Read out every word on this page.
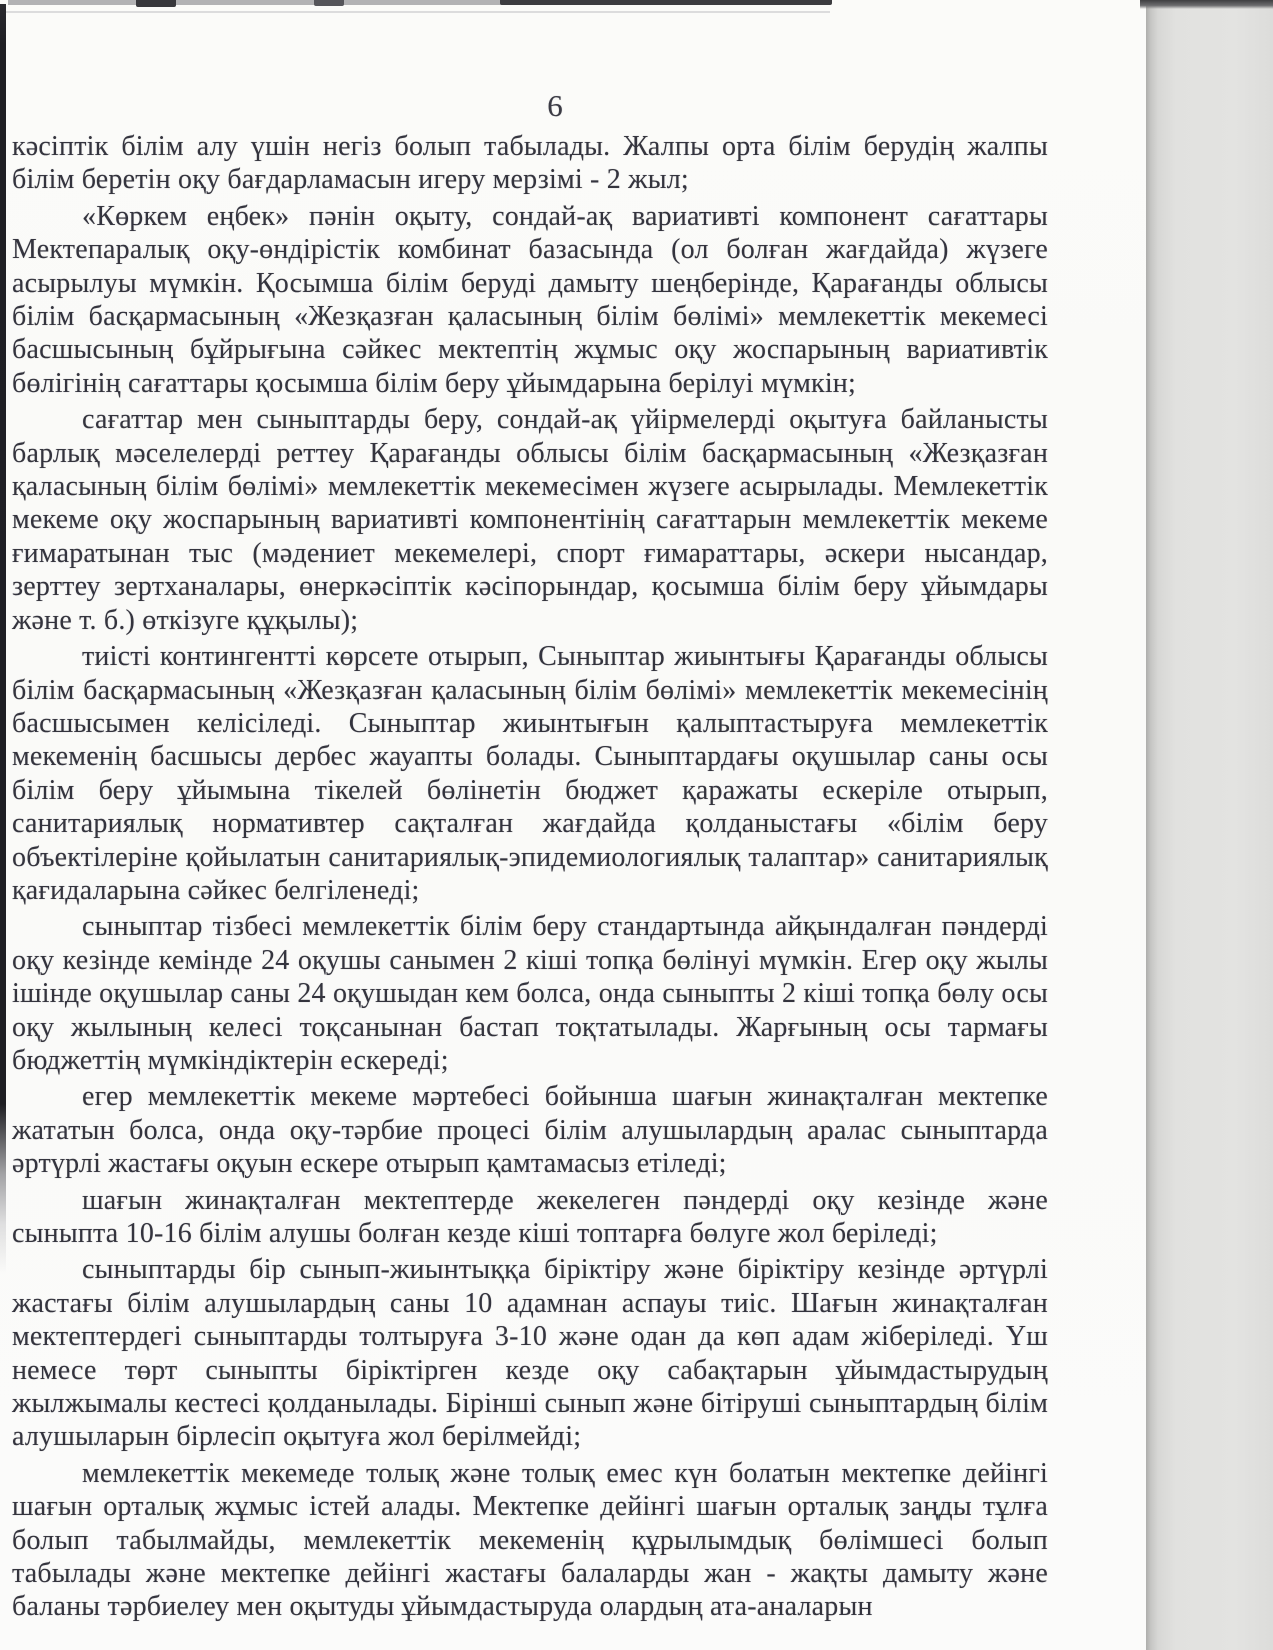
6

кәсіптік білім алу үшін негіз болып табылады. Жалпы орта білім берудің жалпы білім беретін оқу бағдарламасын игеру мерзімі - 2 жыл;

«Көркем еңбек» пәнін оқыту, сондай-ақ вариативті компонент сағаттары Мектепаралық оқу-өндірістік комбинат базасында (ол болған жағдайда) жүзеге асырылуы мүмкін. Қосымша білім беруді дамыту шеңберінде, Қарағанды облысы білім басқармасының «Жезқазған қаласының білім бөлімі» мемлекеттік мекемесі басшысының бұйрығына сәйкес мектептің жұмыс оқу жоспарының вариативтік бөлігінің сағаттары қосымша білім беру ұйымдарына берілуі мүмкін;

сағаттар мен сыныптарды беру, сондай-ақ үйірмелерді оқытуға байланысты барлық мәселелерді реттеу Қарағанды облысы білім басқармасының «Жезқазған қаласының білім бөлімі» мемлекеттік мекемесімен жүзеге асырылады. Мемлекеттік мекеме оқу жоспарының вариативті компонентінің сағаттарын мемлекеттік мекеме ғимаратынан тыс (мәдениет мекемелері, спорт ғимараттары, әскери нысандар, зерттеу зертханалары, өнеркәсіптік кәсіпорындар, қосымша білім беру ұйымдары және т. б.) өткізуге құқылы);

тиісті контингентті көрсете отырып, Сыныптар жиынтығы Қарағанды облысы білім басқармасының «Жезқазған қаласының білім бөлімі» мемлекеттік мекемесінің басшысымен келісіледі. Сыныптар жиынтығын қалыптастыруға мемлекеттік мекеменің басшысы дербес жауапты болады. Сыныптардағы оқушылар саны осы білім беру ұйымына тікелей бөлінетін бюджет қаражаты ескеріле отырып, санитариялық нормативтер сақталған жағдайда қолданыстағы «білім беру объектілеріне қойылатын санитариялық-эпидемиологиялық талаптар» санитариялық қағидаларына сәйкес белгіленеді;

сыныптар тізбесі мемлекеттік білім беру стандартында айқындалған пәндерді оқу кезінде кемінде 24 оқушы санымен 2 кіші топқа бөлінуі мүмкін. Егер оқу жылы ішінде оқушылар саны 24 оқушыдан кем болса, онда сыныпты 2 кіші топқа бөлу осы оқу жылының келесі тоқсанынан бастап тоқтатылады. Жарғының осы тармағы бюджеттің мүмкіндіктерін ескереді;

егер мемлекеттік мекеме мәртебесі бойынша шағын жинақталған мектепке жататын болса, онда оқу-тәрбие процесі білім алушылардың аралас сыныптарда әртүрлі жастағы оқуын ескере отырып қамтамасыз етіледі;

шағын жинақталған мектептерде жекелеген пәндерді оқу кезінде және сыныпта 10-16 білім алушы болған кезде кіші топтарға бөлуге жол беріледі;

сыныптарды бір сынып-жиынтыққа біріктіру және біріктіру кезінде әртүрлі жастағы білім алушылардың саны 10 адамнан аспауы тиіс. Шағын жинақталған мектептердегі сыныптарды толтыруға 3-10 және одан да көп адам жіберіледі. Үш немесе төрт сыныпты біріктірген кезде оқу сабақтарын ұйымдастырудың жылжымалы кестесі қолданылады. Бірінші сынып және бітіруші сыныптардың білім алушыларын бірлесіп оқытуға жол берілмейді;

мемлекеттік мекемеде толық және толық емес күн болатын мектепке дейінгі шағын орталық жұмыс істей алады. Мектепке дейінгі шағын орталық заңды тұлға болып табылмайды, мемлекеттік мекеменің құрылымдық бөлімшесі болып табылады және мектепке дейінгі жастағы балаларды жан - жақты дамыту және баланы тәрбиелеу мен оқытуды ұйымдастыруда олардың ата-аналарын
